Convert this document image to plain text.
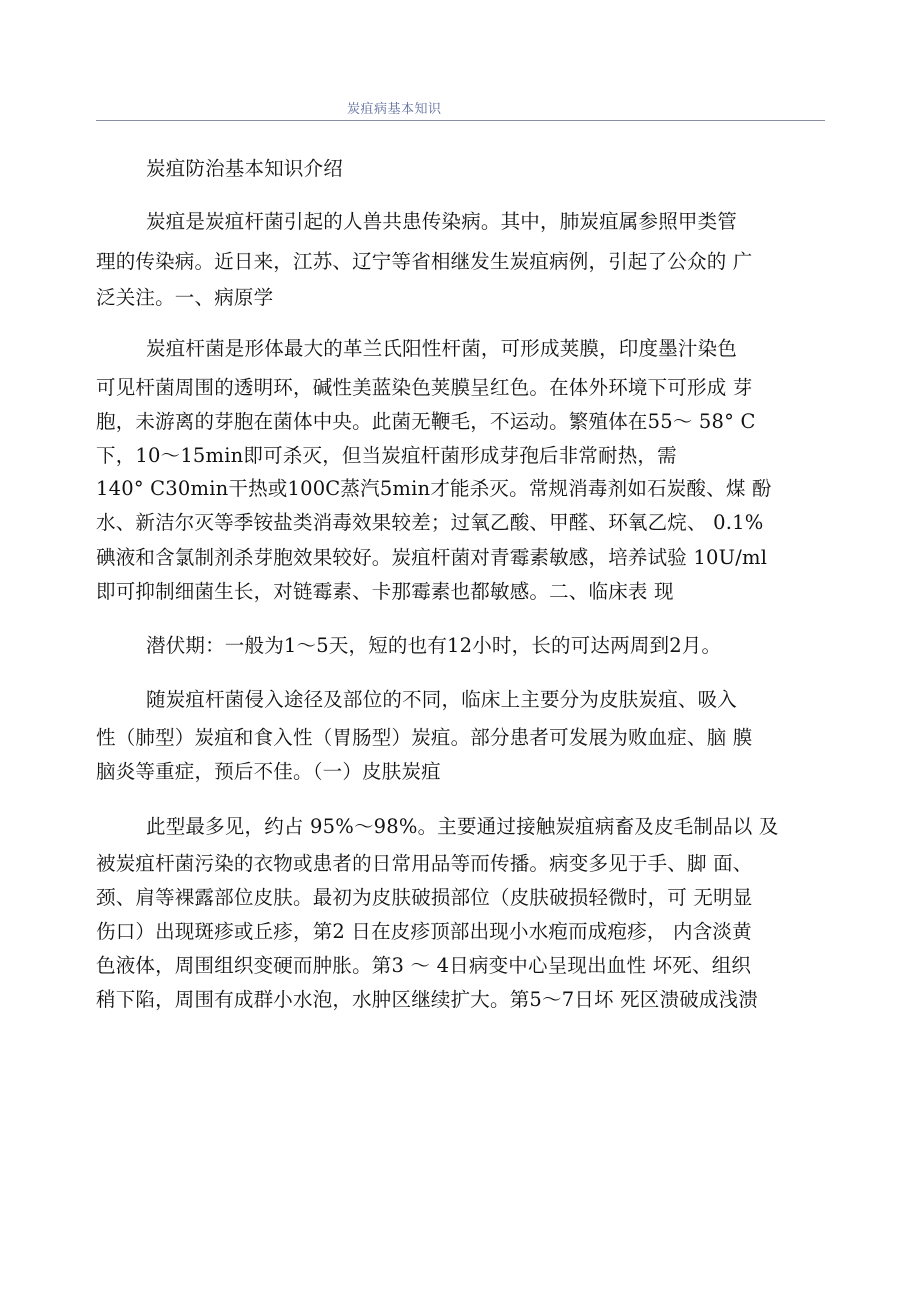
炭疽病基本知识
炭疽防治基本知识介绍
炭疽是炭疽杆菌引起的人兽共患传染病。其中，肺炭疽属参照甲类管
理的传染病。近日来，江苏、辽宁等省相继发生炭疽病例，引起了公众的 广
泛关注。一、病原学
炭疽杆菌是形体最大的革兰氏阳性杆菌，可形成荚膜，印度墨汁染色
可见杆菌周围的透明环，碱性美蓝染色荚膜呈红色。在体外环境下可形成 芽
胞，未游离的芽胞在菌体中央。此菌无鞭毛，不运动。繁殖体在55～ 58° C
下，10～15min即可杀灭，但当炭疽杆菌形成芽孢后非常耐热，需
140° C30min干热或100C蒸汽5min才能杀灭。常规消毒剂如石炭酸、煤 酚
水、新洁尔灭等季铵盐类消毒效果较差；过氧乙酸、甲醛、环氧乙烷、 0.1%
碘液和含氯制剂杀芽胞效果较好。炭疽杆菌对青霉素敏感，培养试验 10U/ml
即可抑制细菌生长，对链霉素、卡那霉素也都敏感。二、临床表 现
潜伏期：一般为1～5天，短的也有12小时，长的可达两周到2月。
随炭疽杆菌侵入途径及部位的不同，临床上主要分为皮肤炭疽、吸入
性（肺型）炭疽和食入性（胃肠型）炭疽。部分患者可发展为败血症、脑 膜
脑炎等重症，预后不佳。（一）皮肤炭疽
此型最多见，约占 95%～98%。主要通过接触炭疽病畜及皮毛制品以 及
被炭疽杆菌污染的衣物或患者的日常用品等而传播。病变多见于手、脚 面、
颈、肩等裸露部位皮肤。最初为皮肤破损部位（皮肤破损轻微时，可 无明显
伤口）出现斑疹或丘疹，第2 日在皮疹顶部出现小水疱而成疱疹， 内含淡黄
色液体，周围组织变硬而肿胀。第3 ～ 4日病变中心呈现出血性 坏死、组织
稍下陷，周围有成群小水泡，水肿区继续扩大。第5～7日坏 死区溃破成浅溃
